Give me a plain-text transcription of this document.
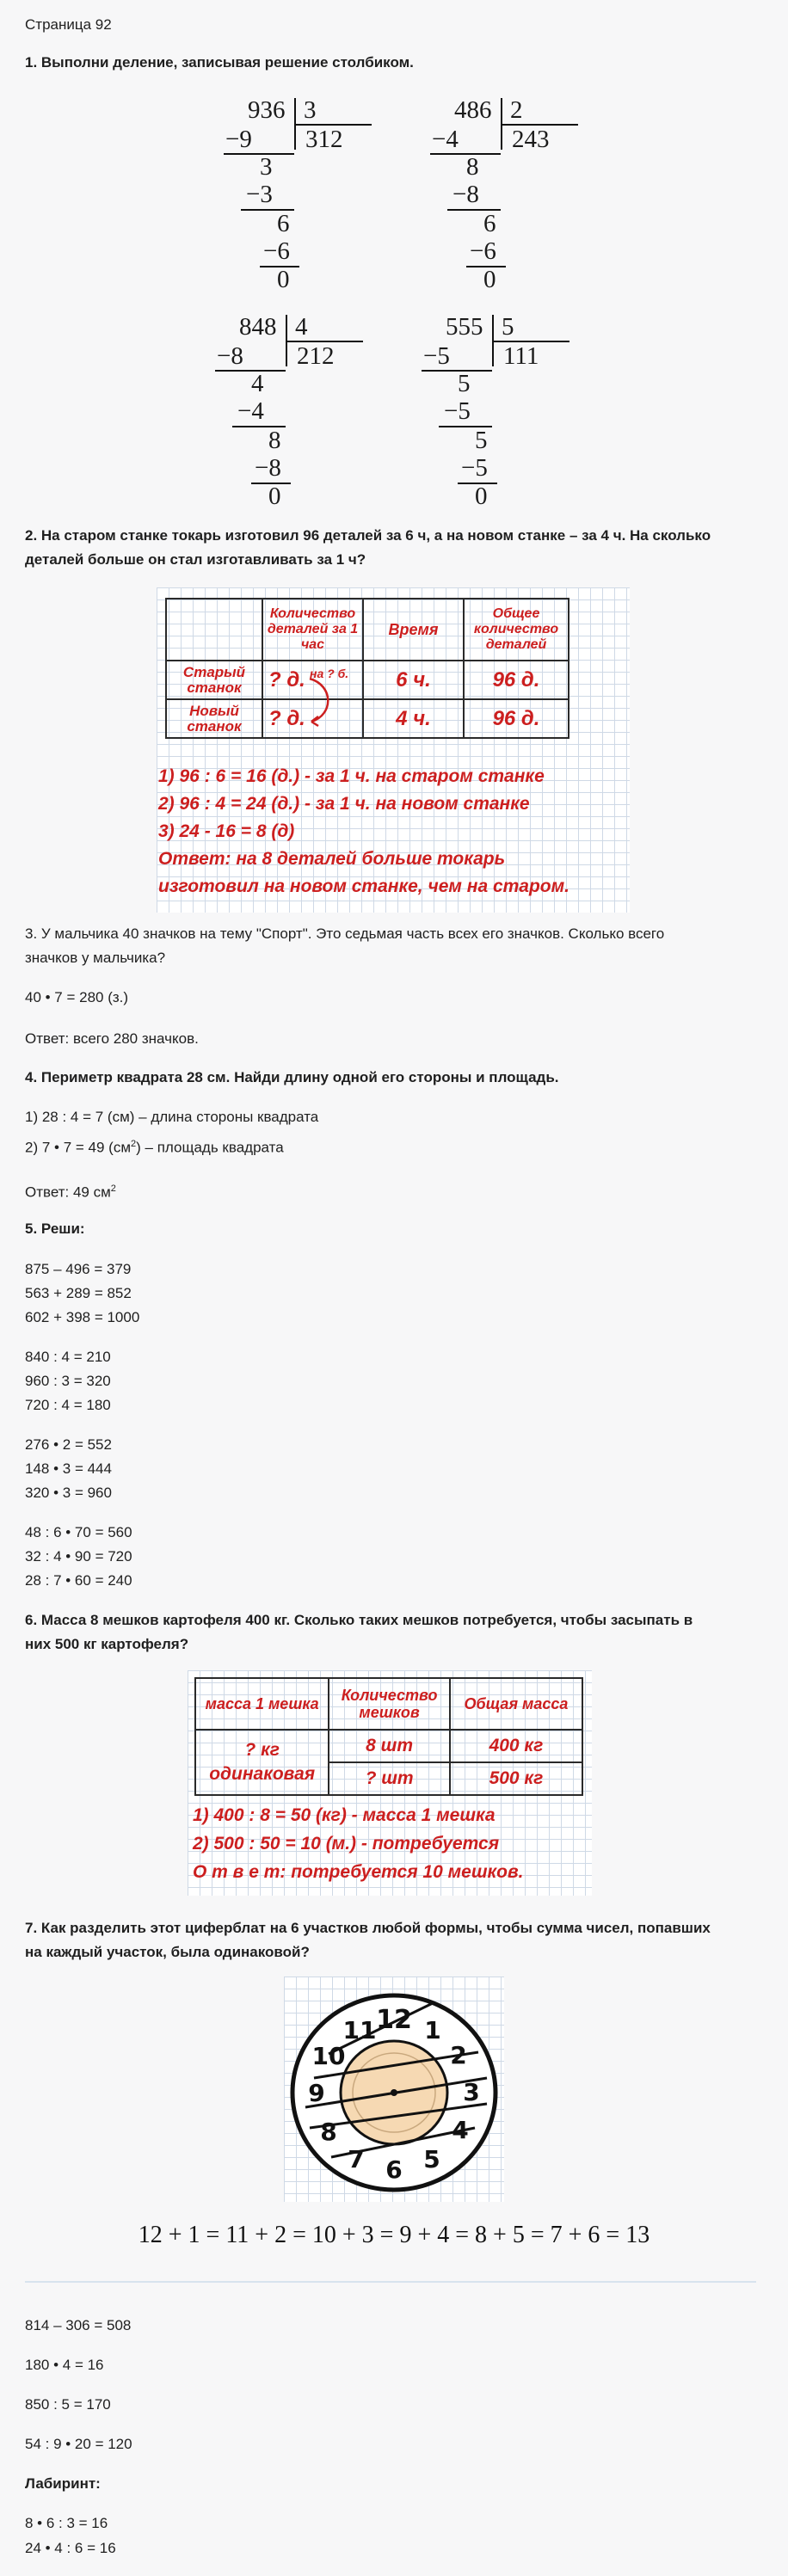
Страница 92
1. Выполни деление, записывая решение столбиком.
936 3
312
−9
3
−3
6
−6
0
486 2
243
−4
8
−8
6
−6
0
848 4
212
−8
4
−4
8
−8
0
555 5
111
−5
5
−5
5
−5
0
2. На старом станке токарь изготовил 96 деталей за 6 ч, а на новом станке – за 4 ч. На сколько
деталей больше он стал изготавливать за 1 ч?
	Количество деталей за 1 час	Время	Общее количество деталей
Старый станок	? д.	6 ч.	96 д.
Новый станок	? д.	4 ч.	96 д.
на ? б.
1) 96 : 6 = 16 (д.) - за 1 ч. на старом станке
2) 96 : 4 = 24 (д.) - за 1 ч. на новом станке
3) 24 - 16 = 8 (д)
Ответ: на 8 деталей больше токарь
изготовил на новом станке, чем на старом.
3. У мальчика 40 значков на тему "Спорт". Это седьмая часть всех его значков. Сколько всего
значков у мальчика?
40 • 7 = 280 (з.)
Ответ: всего 280 значков.
4. Периметр квадрата 28 см. Найди длину одной его стороны и площадь.
1) 28 : 4 = 7 (см) – длина стороны квадрата
2) 7 • 7 = 49 $(см^2)$ – площадь квадрата
Ответ: 49 $см^2$
5. Реши:
875 – 496 = 379
563 + 289 = 852
602 + 398 = 1000
840 : 4 = 210
960 : 3 = 320
720 : 4 = 180
276 • 2 = 552
148 • 3 = 444
320 • 3 = 960
48 : 6 • 70 = 560
32 : 4 • 90 = 720
28 : 7 • 60 = 240
6. Масса 8 мешков картофеля 400 кг. Сколько таких мешков потребуется, чтобы засыпать в
них 500 кг картофеля?
масса 1 мешка	Количество мешков	Общая масса
? кг одинаковая	8 шт	400 кг
	? шт	500 кг
1) 400 : 8 = 50 (кг) - масса 1 мешка
2) 500 : 50 = 10 (м.) - потребуется
О т в е т: потребуется 10 мешков.
7. Как разделить этот циферблат на 6 участков любой формы, чтобы сумма чисел, попавших
на каждый участок, была одинаковой?
12 1
2
3
4
5
6
7
8
9
10
11
12 + 1 = 11 + 2 = 10 + 3 = 9 + 4 = 8 + 5 = 7 + 6 = 13
814 – 306 = 508
180 • 4 = 16
850 : 5 = 170
54 : 9 • 20 = 120
Лабиринт:
8 • 6 : 3 = 16
24 • 4 : 6 = 16
